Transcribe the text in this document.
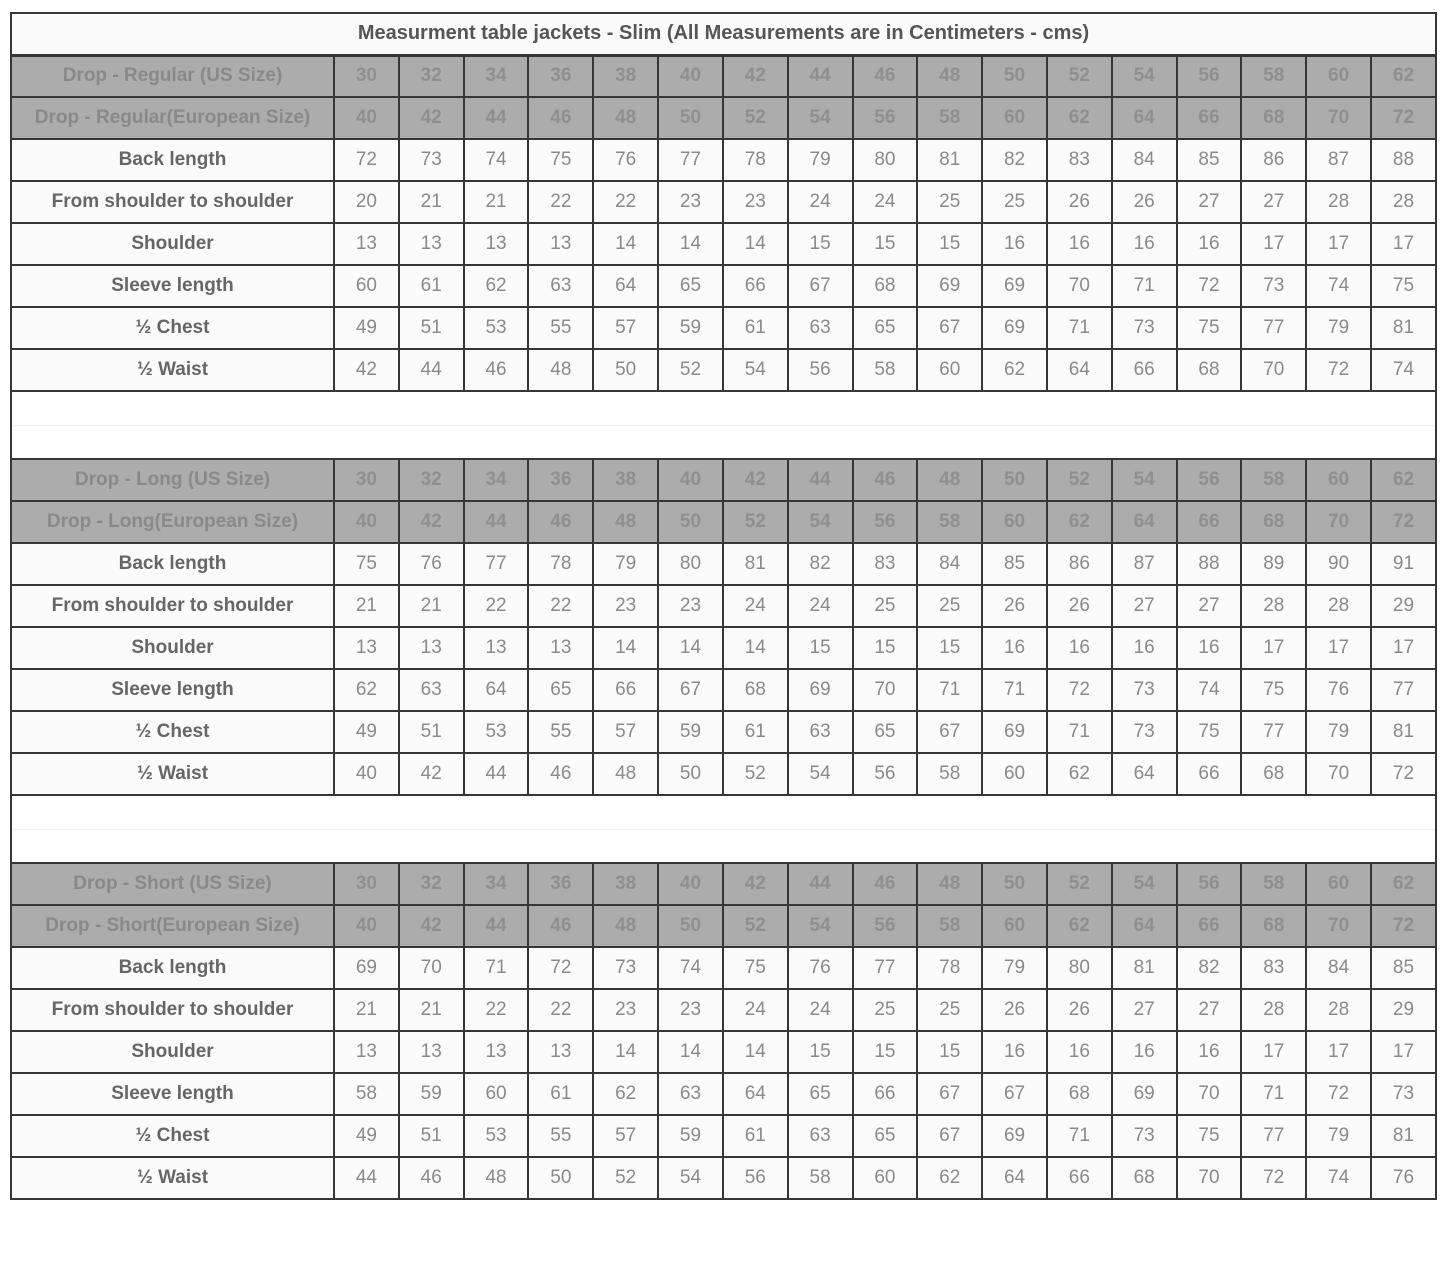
Measurment table jackets - Slim (All Measurements are in Centimeters - cms)																	
Drop - Regular (US Size)	30	32	34	36	38	40	42	44	46	48	50	52	54	56	58	60	62
Drop - Regular(European Size)	40	42	44	46	48	50	52	54	56	58	60	62	64	66	68	70	72
Back length	72	73	74	75	76	77	78	79	80	81	82	83	84	85	86	87	88
From shoulder to shoulder	20	21	21	22	22	23	23	24	24	25	25	26	26	27	27	28	28
Shoulder	13	13	13	13	14	14	14	15	15	15	16	16	16	16	17	17	17
Sleeve length	60	61	62	63	64	65	66	67	68	69	69	70	71	72	73	74	75
½ Chest	49	51	53	55	57	59	61	63	65	67	69	71	73	75	77	79	81
½ Waist	42	44	46	48	50	52	54	56	58	60	62	64	66	68	70	72	74

Drop - Long (US Size)	30	32	34	36	38	40	42	44	46	48	50	52	54	56	58	60	62
Drop - Long(European Size)	40	42	44	46	48	50	52	54	56	58	60	62	64	66	68	70	72
Back length	75	76	77	78	79	80	81	82	83	84	85	86	87	88	89	90	91
From shoulder to shoulder	21	21	22	22	23	23	24	24	25	25	26	26	27	27	28	28	29
Shoulder	13	13	13	13	14	14	14	15	15	15	16	16	16	16	17	17	17
Sleeve length	62	63	64	65	66	67	68	69	70	71	71	72	73	74	75	76	77
½ Chest	49	51	53	55	57	59	61	63	65	67	69	71	73	75	77	79	81
½ Waist	40	42	44	46	48	50	52	54	56	58	60	62	64	66	68	70	72

Drop - Short (US Size)	30	32	34	36	38	40	42	44	46	48	50	52	54	56	58	60	62
Drop - Short(European Size)	40	42	44	46	48	50	52	54	56	58	60	62	64	66	68	70	72
Back length	69	70	71	72	73	74	75	76	77	78	79	80	81	82	83	84	85
From shoulder to shoulder	21	21	22	22	23	23	24	24	25	25	26	26	27	27	28	28	29
Shoulder	13	13	13	13	14	14	14	15	15	15	16	16	16	16	17	17	17
Sleeve length	58	59	60	61	62	63	64	65	66	67	67	68	69	70	71	72	73
½ Chest	49	51	53	55	57	59	61	63	65	67	69	71	73	75	77	79	81
½ Waist	44	46	48	50	52	54	56	58	60	62	64	66	68	70	72	74	76
